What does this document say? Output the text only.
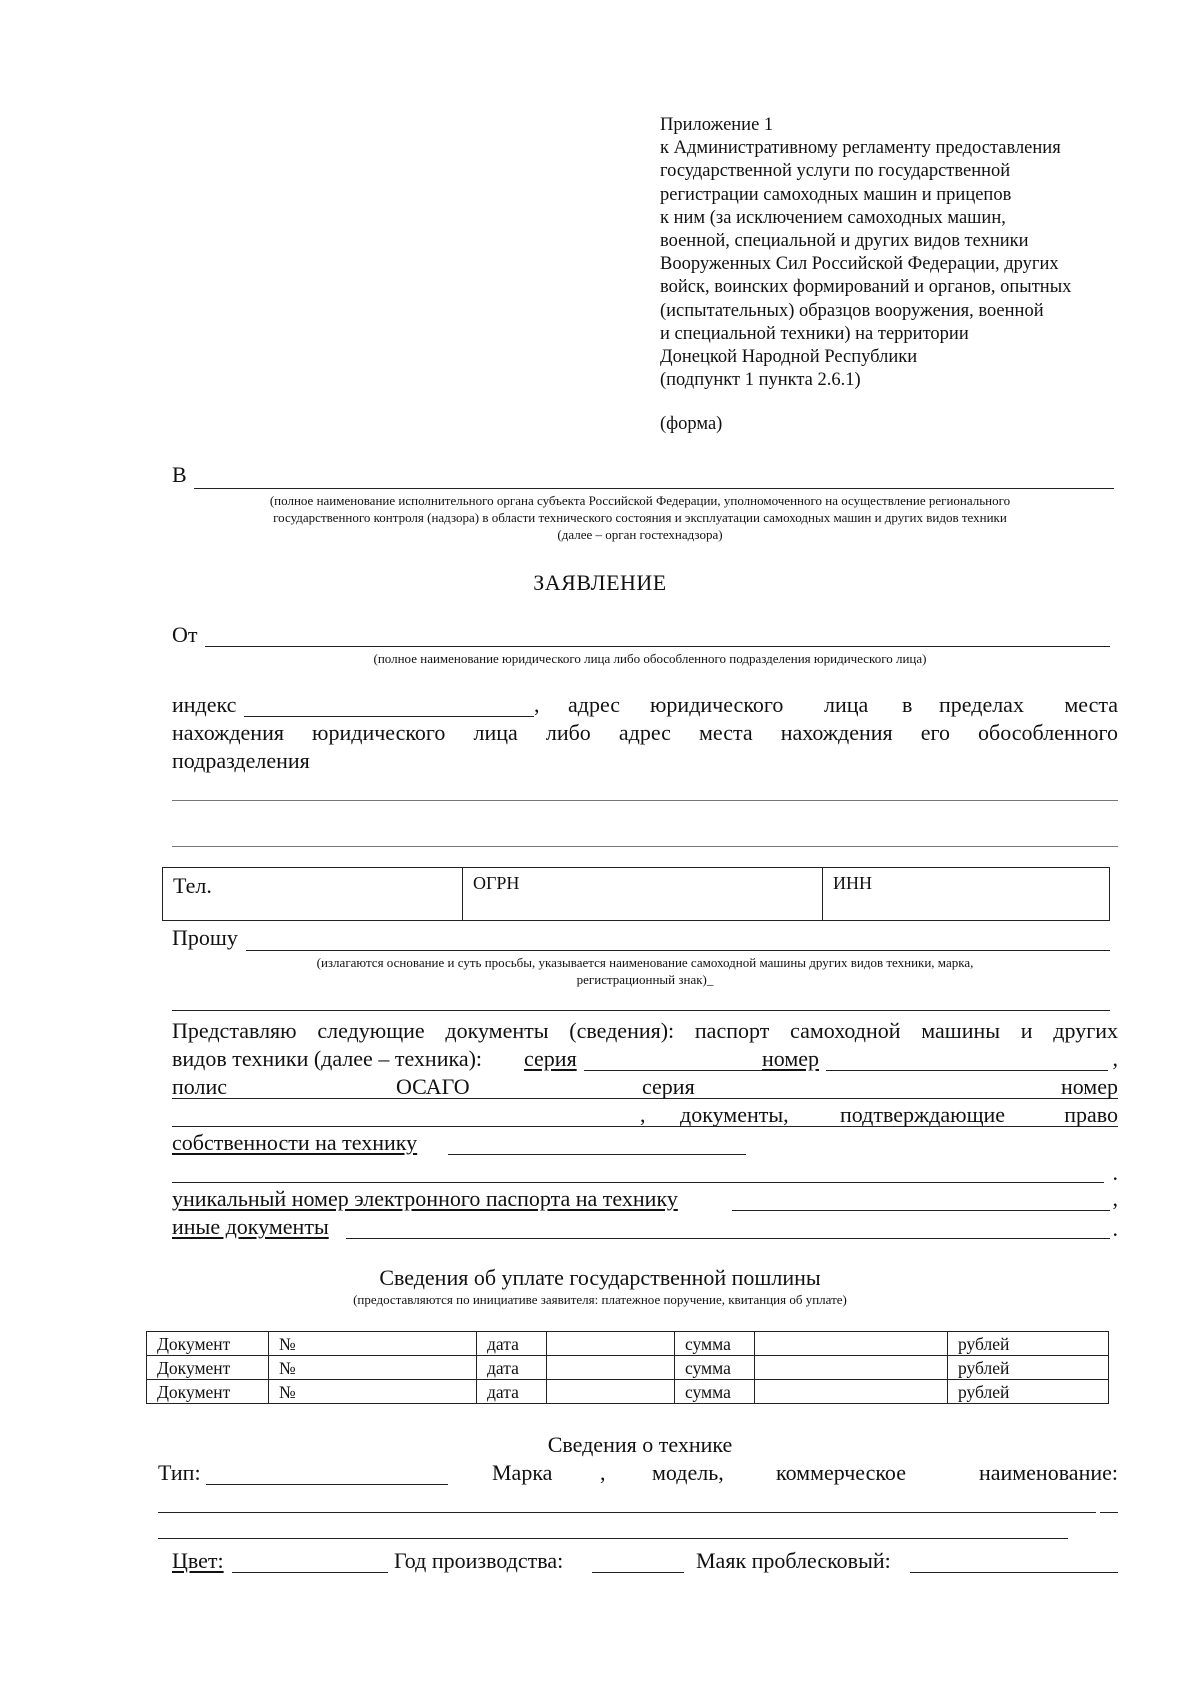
Приложение 1
к Административному регламенту предоставления
государственной услуги по государственной
регистрации самоходных машин и прицепов
к ним (за исключением самоходных машин,
военной, специальной и других видов техники
Вооруженных Сил Российской Федерации, других
войск, воинских формирований и органов, опытных
(испытательных) образцов вооружения, военной
и специальной техники) на территории
Донецкой Народной Республики
(подпункт 1 пункта 2.6.1)
(форма)
В
(полное наименование исполнительного органа субъекта Российской Федерации, уполномоченного на осуществление регионального
государственного контроля (надзора) в области технического состояния и эксплуатации самоходных машин и других видов техники
(далее – орган гостехнадзора)
ЗАЯВЛЕНИЕ
От
(полное наименование юридического лица либо обособленного подразделения юридического лица)
индекс	, адрес юридического лица в пределах места
нахождения юридического лица либо адрес места нахождения его обособленного
подразделения
Тел.	ОГРН	ИНН
Прошу
(излагаются основание и суть просьбы, указывается наименование самоходной машины других видов техники, марка,
регистрационный знак)_
Представляю следующие документы (сведения): паспорт самоходной машины и других
видов техники (далее – техника): серия	номер	,
полис	ОСАГО	серия	номер
, документы, подтверждающие	право
собственности на технику
.
уникальный номер электронного паспорта на технику	,
иные документы	.
Сведения об уплате государственной пошлины
(предоставляются по инициативе заявителя: платежное поручение, квитанция об уплате)
Документ	№	дата		сумма		рублей
Документ	№	дата		сумма		рублей
Документ	№	дата		сумма		рублей
Сведения о технике
Тип:	Марка , модель, коммерческое	наименование:
Цвет:	Год производства:	Маяк проблесковый:
